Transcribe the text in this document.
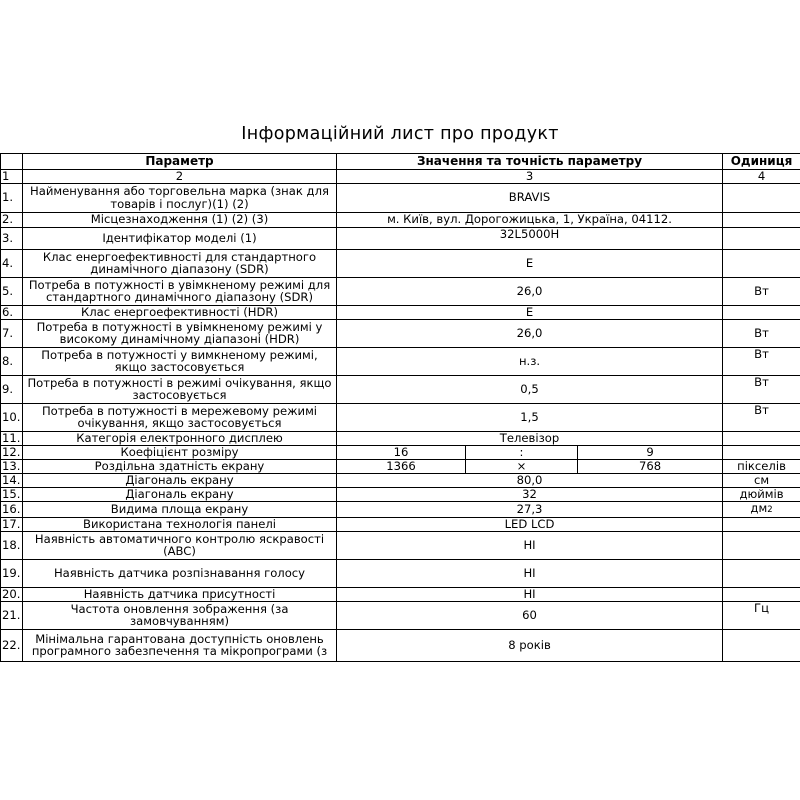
Інформаційний лист про продукт
	Параметр	Значення та точність параметру			Одиниця
1	2	3			4
1.	Найменування або торговельна марка (знак для товарів і послуг)(1) (2)	BRAVIS			
2.	Місцезнаходження (1) (2) (3)	м. Київ, вул. Дорогожицька, 1, Україна, 04112.			
3.	Ідентифікатор моделі (1)	32L5000H			
4.	Клас енергоефективності для стандартного динамічного діапазону (SDR)	E			
5.	Потреба в потужності в увімкненому режимі для стандартного динамічного діапазону (SDR)	26,0			Вт
6.	Клас енергоефективності (HDR)	E			
7.	Потреба в потужності в увімкненому режимі у високому динамічному діапазоні (HDR)	26,0			Вт
8.	Потреба в потужності у вимкненому режимі, якщо застосовується	н.з.			Вт
9.	Потреба в потужності в режимі очікування, якщо застосовується	0,5			Вт
10.	Потреба в потужності в мережевому режимі очікування, якщо застосовується	1,5			Вт
11.	Категорія електронного дисплею	Телевізор			
12.	Коефіцієнт розміру	16	:	9	
13.	Роздільна здатність екрану	1366	×	768	пікселів
14.	Діагональ екрану	80,0			см
15.	Діагональ екрану	32			дюймів
16.	Видима площа екрану	27,3			дм2
17.	Використана технологія панелі	LED LCD			
18.	Наявність автоматичного контролю яскравості (ABC)	НІ			
19.	Наявність датчика розпізнавання голосу	НІ			
20.	Наявність датчика присутності	НІ			
21.	Частота оновлення зображення (за замовчуванням)	60			Гц
22.	Мінімальна гарантована доступність оновлень програмного забезпечення та мікропрограми (з	8 років			
